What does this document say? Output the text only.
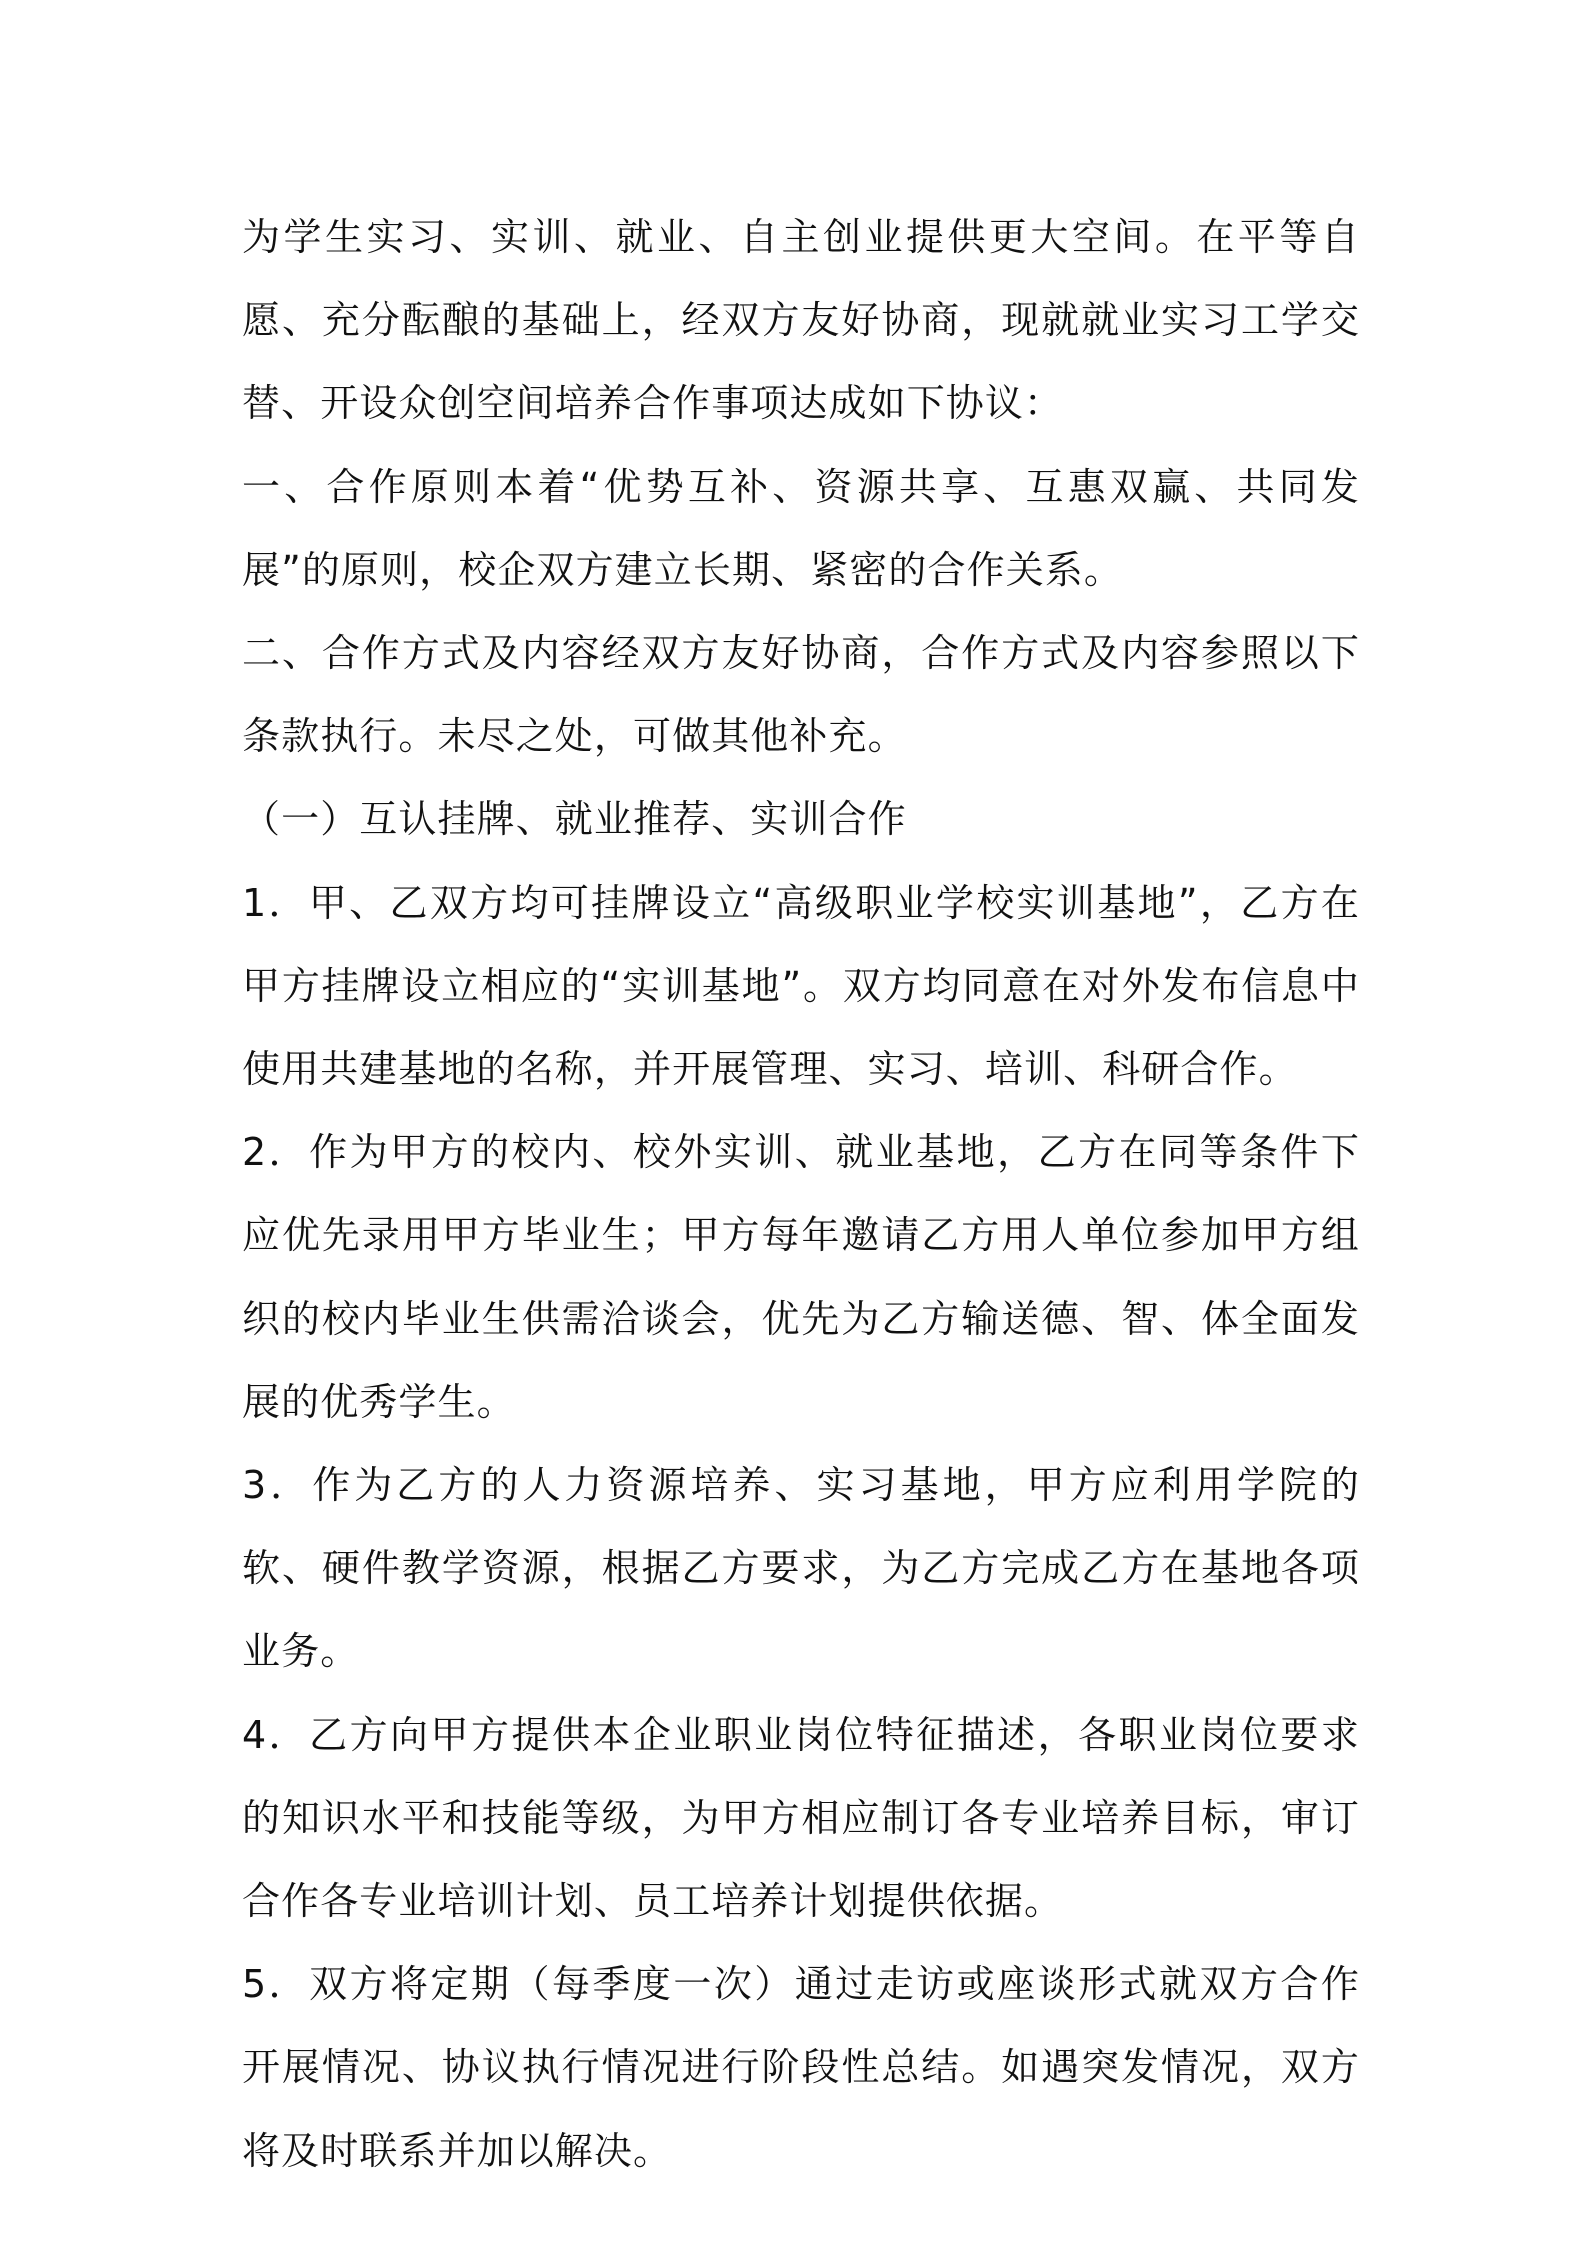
为学生实习、实训、就业、自主创业提供更大空间。在平等自愿、充分酝酿的基础上，经双方友好协商，现就就业实习工学交替、开设众创空间培养合作事项达成如下协议：

一、合作原则本着“优势互补、资源共享、互惠双赢、共同发展”的原则，校企双方建立长期、紧密的合作关系。

二、合作方式及内容经双方友好协商，合作方式及内容参照以下条款执行。未尽之处，可做其他补充。

（一）互认挂牌、就业推荐、实训合作

1．甲、乙双方均可挂牌设立“高级职业学校实训基地”，乙方在甲方挂牌设立相应的“实训基地”。双方均同意在对外发布信息中使用共建基地的名称，并开展管理、实习、培训、科研合作。

2．作为甲方的校内、校外实训、就业基地，乙方在同等条件下应优先录用甲方毕业生；甲方每年邀请乙方用人单位参加甲方组织的校内毕业生供需洽谈会，优先为乙方输送德、智、体全面发展的优秀学生。

3．作为乙方的人力资源培养、实习基地，甲方应利用学院的软、硬件教学资源，根据乙方要求，为乙方完成乙方在基地各项业务。

4．乙方向甲方提供本企业职业岗位特征描述，各职业岗位要求的知识水平和技能等级，为甲方相应制订各专业培养目标，审订合作各专业培训计划、员工培养计划提供依据。

5．双方将定期（每季度一次）通过走访或座谈形式就双方合作开展情况、协议执行情况进行阶段性总结。如遇突发情况，双方将及时联系并加以解决。
